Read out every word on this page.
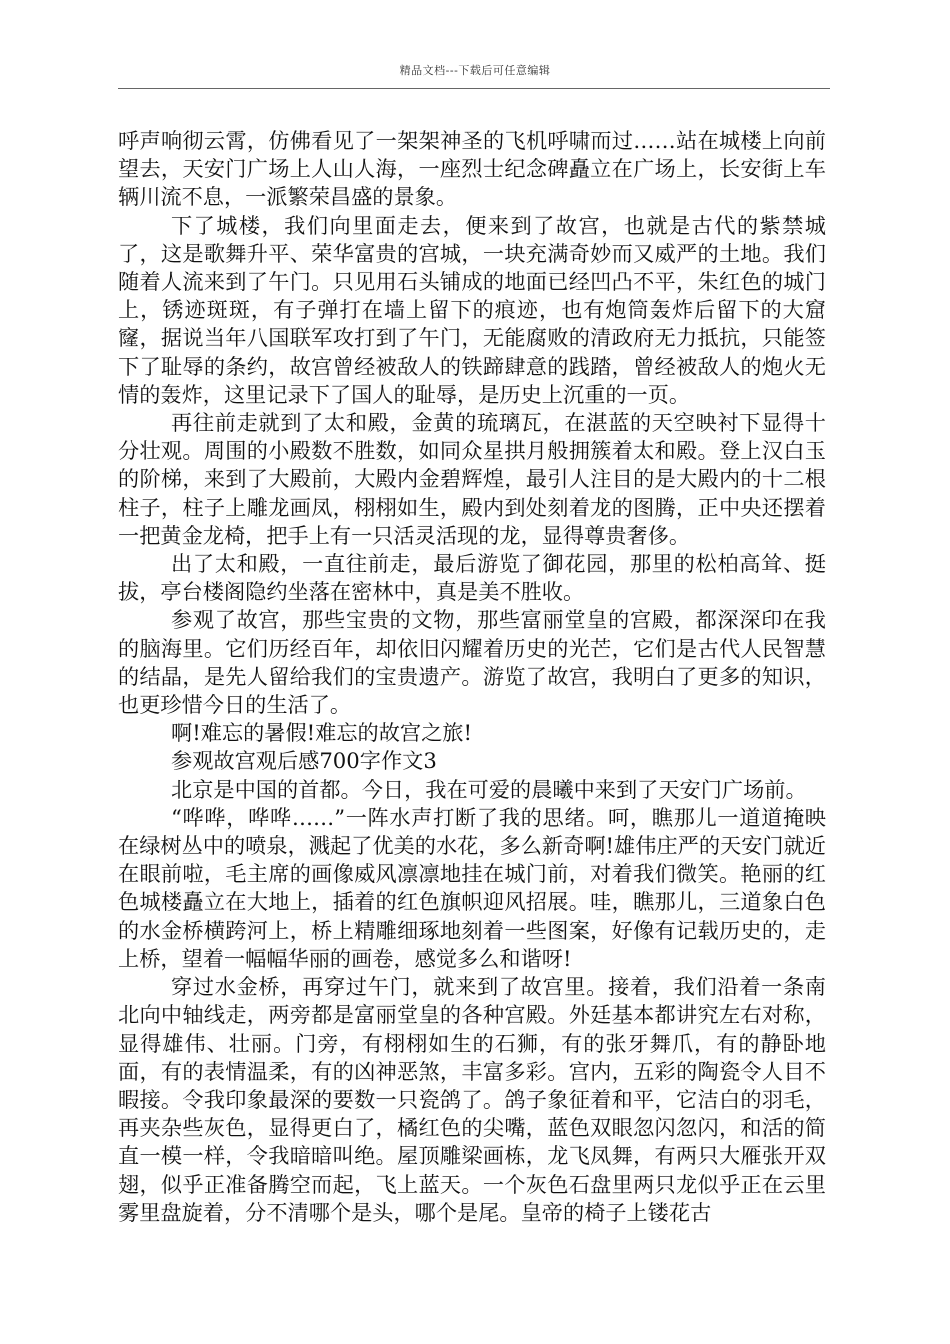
精品文档---下载后可任意编辑

呼声响彻云霄，仿佛看见了一架架神圣的飞机呼啸而过……站在城楼上向前望去，天安门广场上人山人海，一座烈士纪念碑矗立在广场上，长安街上车辆川流不息，一派繁荣昌盛的景象。

下了城楼，我们向里面走去，便来到了故宫，也就是古代的紫禁城了，这是歌舞升平、荣华富贵的宫城，一块充满奇妙而又威严的土地。我们随着人流来到了午门。只见用石头铺成的地面已经凹凸不平，朱红色的城门上，锈迹斑斑，有子弹打在墙上留下的痕迹，也有炮筒轰炸后留下的大窟窿，据说当年八国联军攻打到了午门，无能腐败的清政府无力抵抗，只能签下了耻辱的条约，故宫曾经被敌人的铁蹄肆意的践踏，曾经被敌人的炮火无情的轰炸，这里记录下了国人的耻辱，是历史上沉重的一页。

再往前走就到了太和殿，金黄的琉璃瓦，在湛蓝的天空映衬下显得十分壮观。周围的小殿数不胜数，如同众星拱月般拥簇着太和殿。登上汉白玉的阶梯，来到了大殿前，大殿内金碧辉煌，最引人注目的是大殿内的十二根柱子，柱子上雕龙画凤，栩栩如生，殿内到处刻着龙的图腾，正中央还摆着一把黄金龙椅，把手上有一只活灵活现的龙，显得尊贵奢侈。

出了太和殿，一直往前走，最后游览了御花园，那里的松柏高耸、挺拔，亭台楼阁隐约坐落在密林中，真是美不胜收。

参观了故宫，那些宝贵的文物，那些富丽堂皇的宫殿，都深深印在我的脑海里。它们历经百年，却依旧闪耀着历史的光芒，它们是古代人民智慧的结晶，是先人留给我们的宝贵遗产。游览了故宫，我明白了更多的知识，也更珍惜今日的生活了。

啊!难忘的暑假!难忘的故宫之旅!

参观故宫观后感700字作文3

北京是中国的首都。今日，我在可爱的晨曦中来到了天安门广场前。

“哗哗，哗哗……”一阵水声打断了我的思绪。呵，瞧那儿一道道掩映在绿树丛中的喷泉，溅起了优美的水花，多么新奇啊!雄伟庄严的天安门就近在眼前啦，毛主席的画像威风凛凛地挂在城门前，对着我们微笑。艳丽的红色城楼矗立在大地上，插着的红色旗帜迎风招展。哇，瞧那儿，三道象白色的水金桥横跨河上，桥上精雕细琢地刻着一些图案，好像有记载历史的，走上桥，望着一幅幅华丽的画卷，感觉多么和谐呀!

穿过水金桥，再穿过午门，就来到了故宫里。接着，我们沿着一条南北向中轴线走，两旁都是富丽堂皇的各种宫殿。外廷基本都讲究左右对称，显得雄伟、壮丽。门旁，有栩栩如生的石狮，有的张牙舞爪，有的静卧地面，有的表情温柔，有的凶神恶煞，丰富多彩。宫内，五彩的陶瓷令人目不暇接。令我印象最深的要数一只瓷鸽了。鸽子象征着和平，它洁白的羽毛，再夹杂些灰色，显得更白了，橘红色的尖嘴，蓝色双眼忽闪忽闪，和活的简直一模一样，令我暗暗叫绝。屋顶雕梁画栋，龙飞凤舞，有两只大雁张开双翅，似乎正准备腾空而起，飞上蓝天。一个灰色石盘里两只龙似乎正在云里雾里盘旋着，分不清哪个是头，哪个是尾。皇帝的椅子上镂花古
